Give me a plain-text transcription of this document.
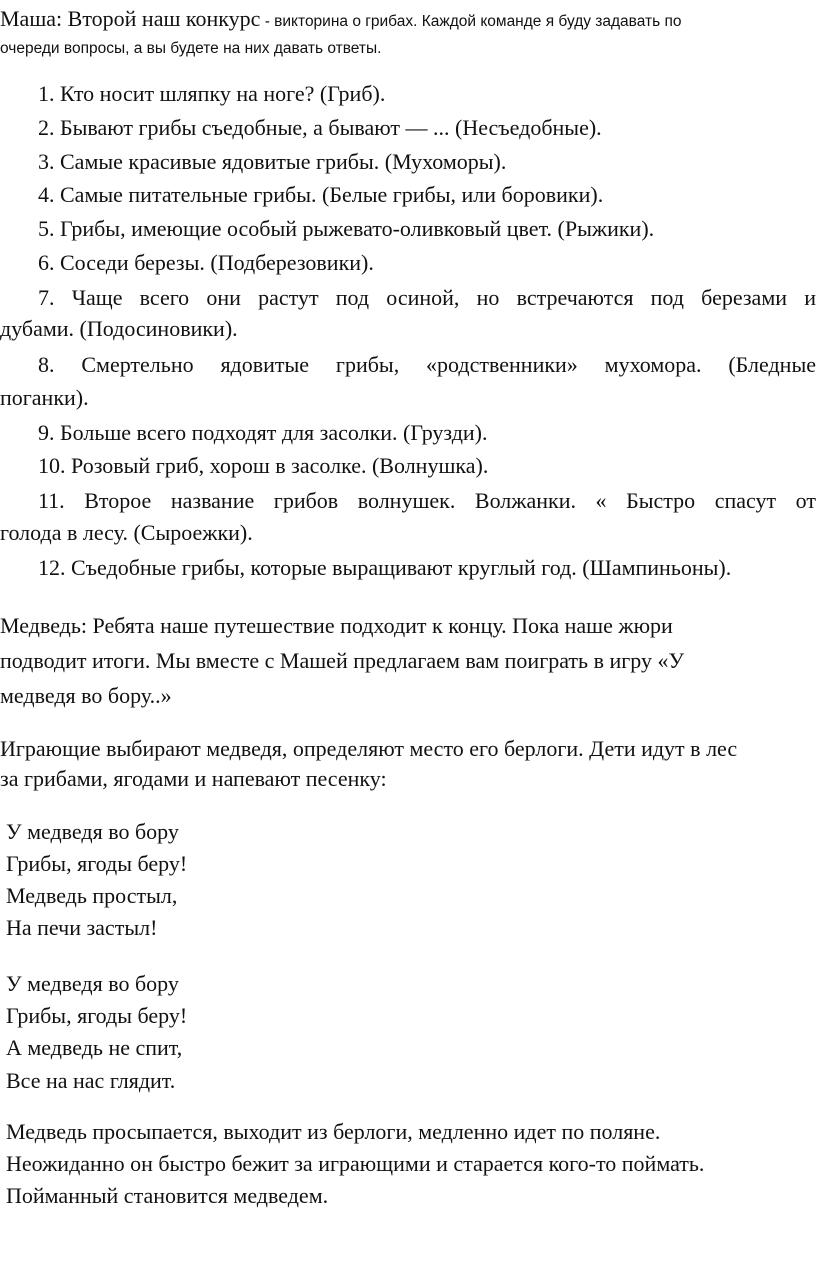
Маша: Второй наш конкурс - викторина о грибах. Каждой команде я буду задавать по
очереди вопросы, а вы будете на них давать ответы.
1. Кто носит шляпку на ноге? (Гриб).
2. Бывают грибы съедобные, а бывают — ... (Несъедобные).
3. Самые красивые ядовитые грибы. (Мухоморы).
4. Самые питательные грибы. (Белые грибы, или боровики).
5. Грибы, имеющие особый рыжевато-оливковый цвет. (Рыжики).
6. Соседи березы. (Подберезовики).
7. Чаще всего они растут под осиной, но встречаются под березами и
дубами. (Подосиновики).
8. Смертельно ядовитые грибы, «родственники» мухомора. (Бледные
поганки).
9. Больше всего подходят для засолки. (Грузди).
10. Розовый гриб, хорош в засолке. (Волнушка).
11. Второе название грибов волнушек. Волжанки. « Быстро спасут от
голода в лесу. (Сыроежки).
12. Съедобные грибы, которые выращивают круглый год. (Шампиньоны).
Медведь: Ребята наше путешествие подходит к концу. Пока наше жюри
подводит итоги. Мы вместе с Машей предлагаем вам поиграть в игру «У
медведя во бору..»
Играющие выбирают медведя, определяют место его берлоги. Дети идут в лес
за грибами, ягодами и напевают песенку:
У медведя во бору
Грибы, ягоды беру!
Медведь простыл,
На печи застыл!
У медведя во бору
Грибы, ягоды беру!
А медведь не спит,
Все на нас глядит.
Медведь просыпается, выходит из берлоги, медленно идет по поляне.
Неожиданно он быстро бежит за играющими и старается кого-то поймать.
Пойманный становится медведем.
